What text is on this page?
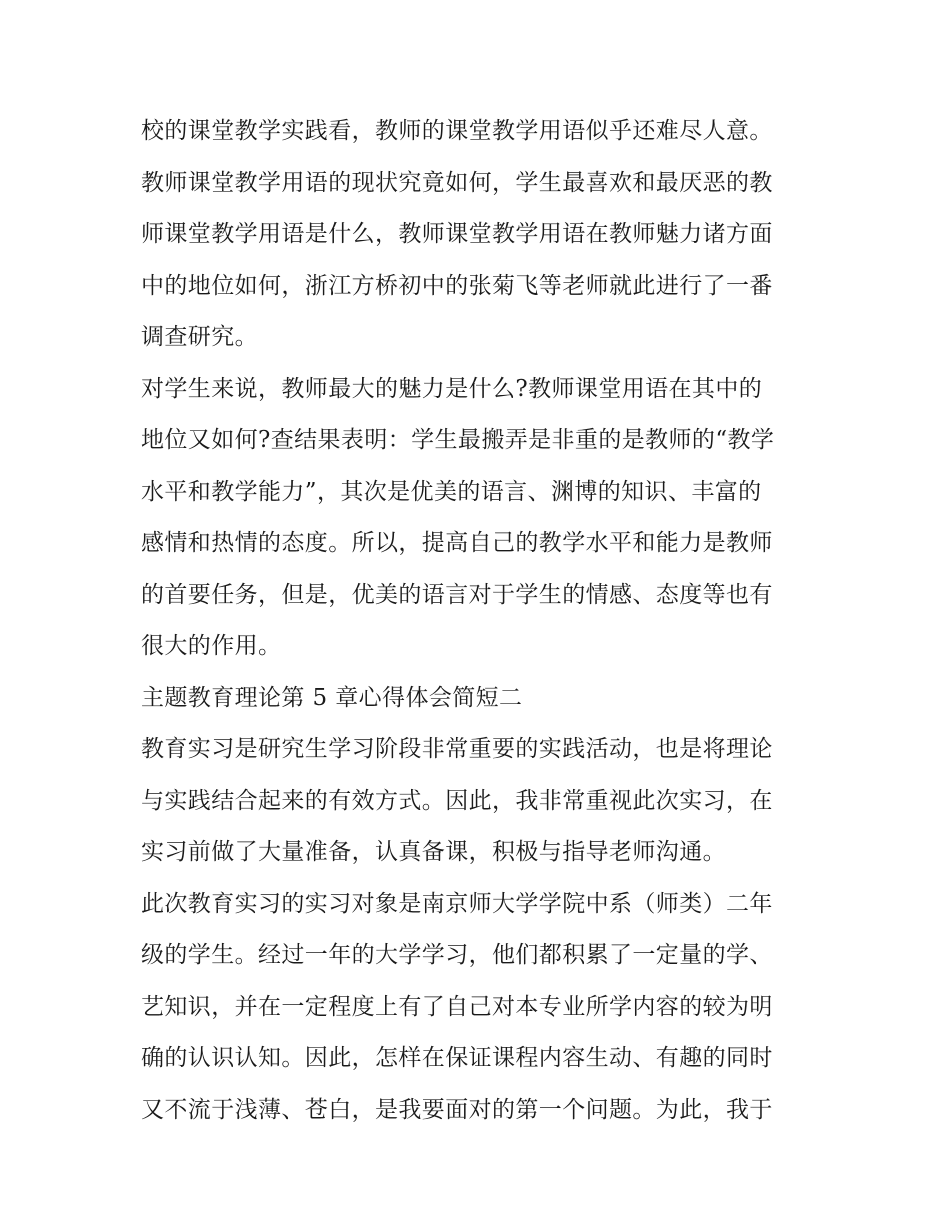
校的课堂教学实践看，教师的课堂教学用语似乎还难尽人意。
教师课堂教学用语的现状究竟如何，学生最喜欢和最厌恶的教
师课堂教学用语是什么，教师课堂教学用语在教师魅力诸方面
中的地位如何，浙江方桥初中的张菊飞等老师就此进行了一番
调查研究。
对学生来说，教师最大的魅力是什么?教师课堂用语在其中的
地位又如何?查结果表明：学生最搬弄是非重的是教师的“教学
水平和教学能力”，其次是优美的语言、渊博的知识、丰富的
感情和热情的态度。所以，提高自己的教学水平和能力是教师
的首要任务，但是，优美的语言对于学生的情感、态度等也有
很大的作用。
主题教育理论第 5 章心得体会简短二
教育实习是研究生学习阶段非常重要的实践活动，也是将理论
与实践结合起来的有效方式。因此，我非常重视此次实习，在
实习前做了大量准备，认真备课，积极与指导老师沟通。
此次教育实习的实习对象是南京师大学学院中系（师类）二年
级的学生。经过一年的大学学习，他们都积累了一定量的学、
艺知识，并在一定程度上有了自己对本专业所学内容的较为明
确的认识认知。因此，怎样在保证课程内容生动、有趣的同时
又不流于浅薄、苍白，是我要面对的第一个问题。为此，我于
